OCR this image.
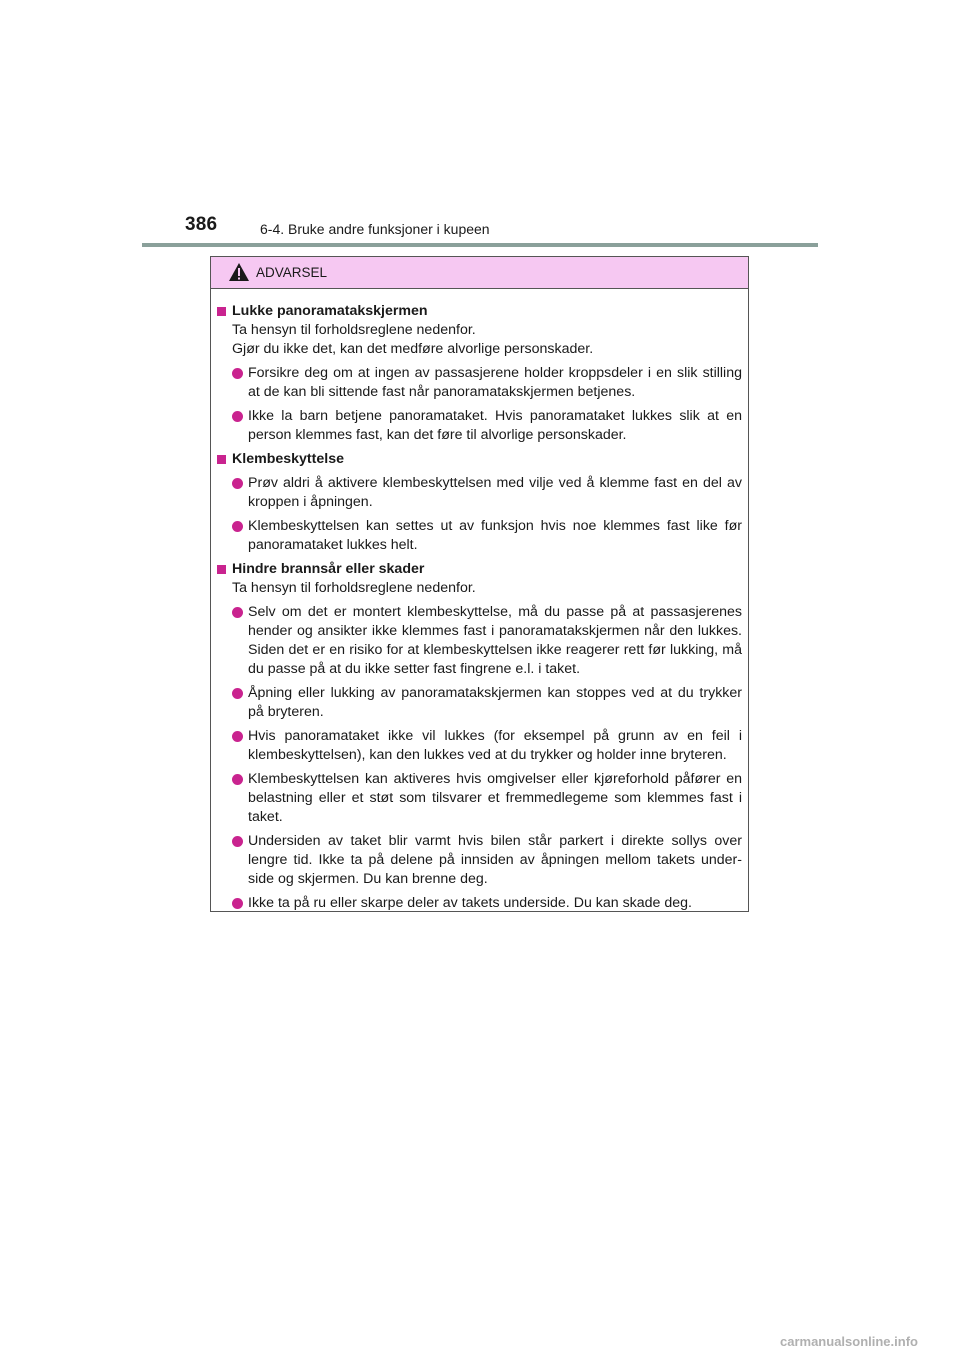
386	6-4. Bruke andre funksjoner i kupeen
ADVARSEL
Lukke panoramatakskjermen
Ta hensyn til forholdsreglene nedenfor.
Gjør du ikke det, kan det medføre alvorlige personskader.
Forsikre deg om at ingen av passasjerene holder kroppsdeler i en slik stilling at de kan bli sittende fast når panoramatakskjermen betjenes.
Ikke la barn betjene panoramataket. Hvis panoramataket lukkes slik at en person klemmes fast, kan det føre til alvorlige personskader.
Klembeskyttelse
Prøv aldri å aktivere klembeskyttelsen med vilje ved å klemme fast en del av kroppen i åpningen.
Klembeskyttelsen kan settes ut av funksjon hvis noe klemmes fast like før panoramataket lukkes helt.
Hindre brannsår eller skader
Ta hensyn til forholdsreglene nedenfor.
Selv om det er montert klembeskyttelse, må du passe på at passasjerenes hender og ansikter ikke klemmes fast i panoramatakskjermen når den lukkes. Siden det er en risiko for at klembeskyttelsen ikke reagerer rett før lukking, må du passe på at du ikke setter fast fingrene e.l. i taket.
Åpning eller lukking av panoramatakskjermen kan stoppes ved at du trykker på bryteren.
Hvis panoramataket ikke vil lukkes (for eksempel på grunn av en feil i klembeskyttelsen), kan den lukkes ved at du trykker og holder inne bryteren.
Klembeskyttelsen kan aktiveres hvis omgivelser eller kjøreforhold påfører en belastning eller et støt som tilsvarer et fremmedlegeme som klemmes fast i taket.
Undersiden av taket blir varmt hvis bilen står parkert i direkte sollys over lengre tid. Ikke ta på delene på innsiden av åpningen mellom takets under-side og skjermen. Du kan brenne deg.
Ikke ta på ru eller skarpe deler av takets underside. Du kan skade deg.
carmanualsonline.info
